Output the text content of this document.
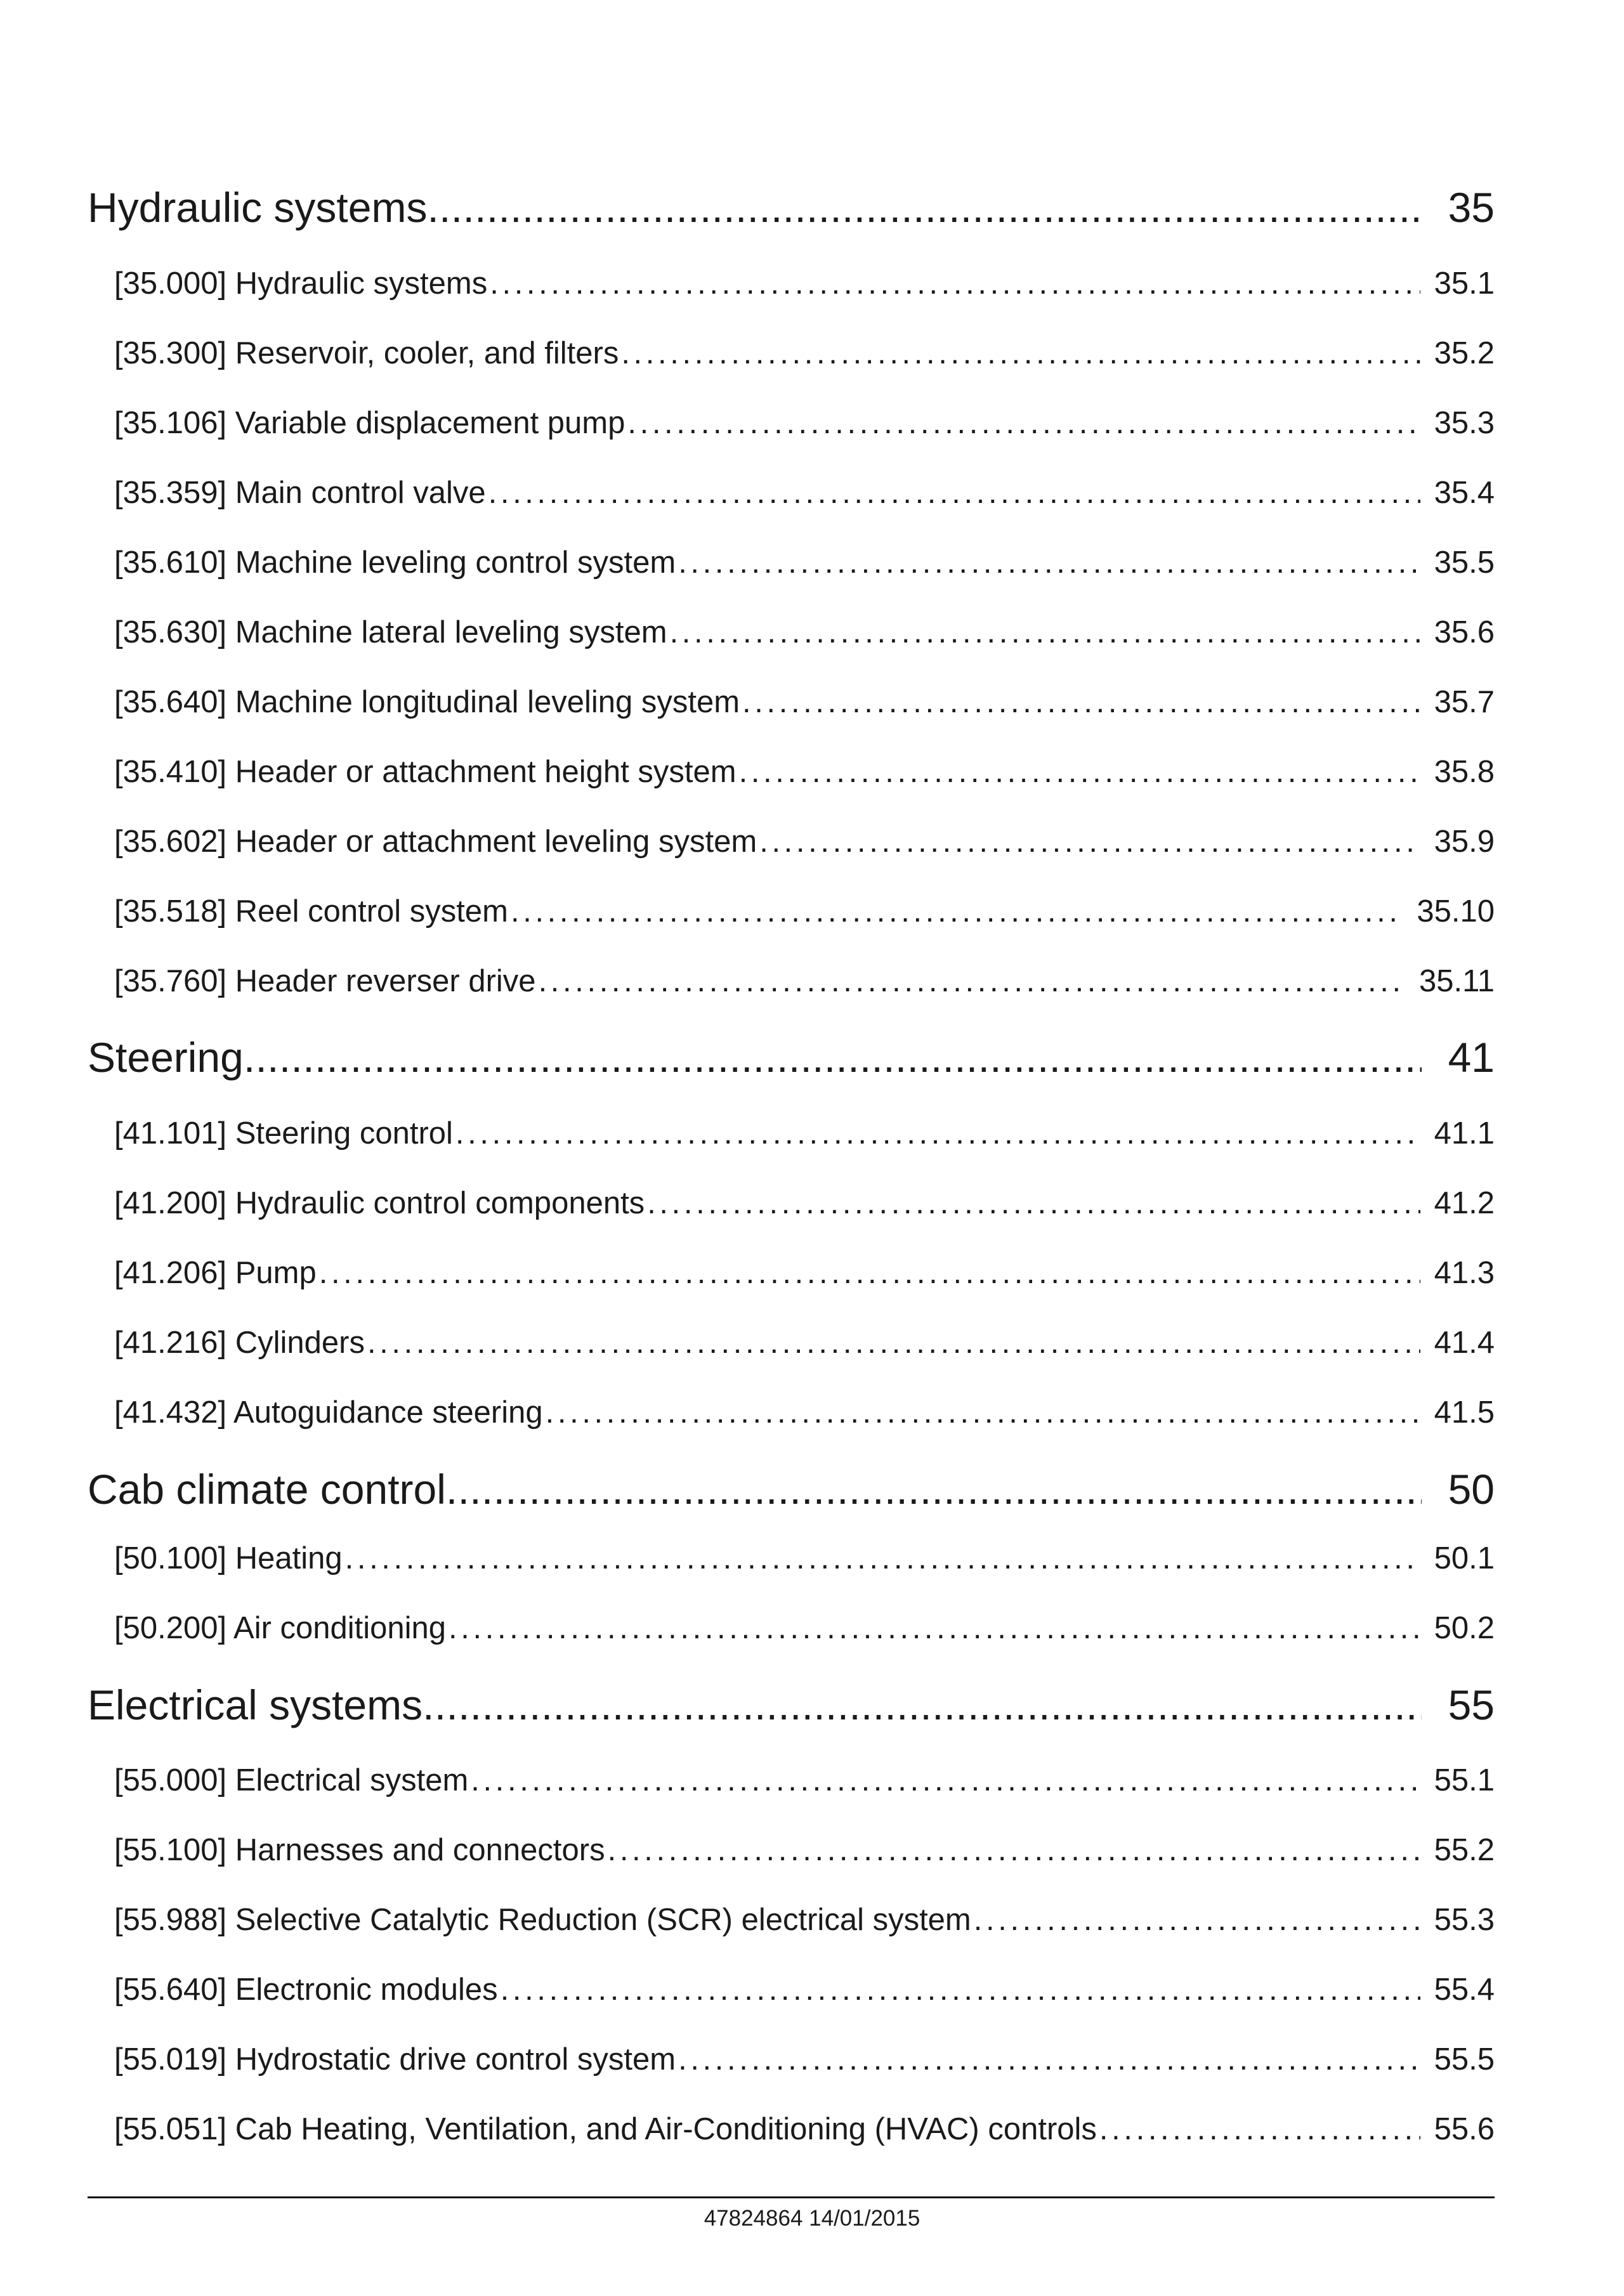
Hydraulic systems . . .	35
[35.000] Hydraulic systems . . .	35.1
[35.300] Reservoir, cooler, and filters . . .	35.2
[35.106] Variable displacement pump . . .	35.3
[35.359] Main control valve . . .	35.4
[35.610] Machine leveling control system . . .	35.5
[35.630] Machine lateral leveling system . . .	35.6
[35.640] Machine longitudinal leveling system . . .	35.7
[35.410] Header or attachment height system . . .	35.8
[35.602] Header or attachment leveling system . . .	35.9
[35.518] Reel control system . . .	35.10
[35.760] Header reverser drive . . .	35.11
Steering . . .	41
[41.101] Steering control . . .	41.1
[41.200] Hydraulic control components . . .	41.2
[41.206] Pump . . .	41.3
[41.216] Cylinders . . .	41.4
[41.432] Autoguidance steering . . .	41.5
Cab climate control . . .	50
[50.100] Heating . . .	50.1
[50.200] Air conditioning . . .	50.2
Electrical systems . . .	55
[55.000] Electrical system . . .	55.1
[55.100] Harnesses and connectors . . .	55.2
[55.988] Selective Catalytic Reduction (SCR) electrical system . . .	55.3
[55.640] Electronic modules . . .	55.4
[55.019] Hydrostatic drive control system . . .	55.5
[55.051] Cab Heating, Ventilation, and Air-Conditioning (HVAC) controls . . .	55.6
47824864 14/01/2015
